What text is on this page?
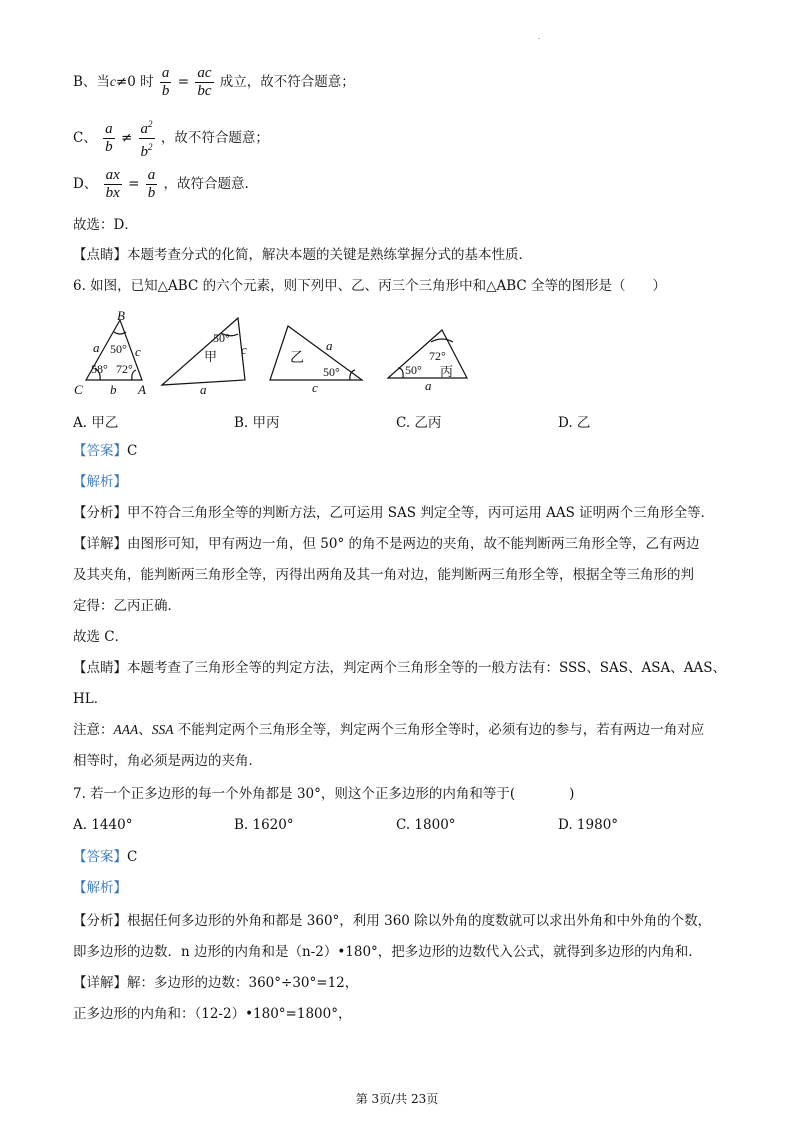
.
B、当c≠0 时 $\frac{a}{b} = \frac{ac}{bc}$ 成立，故不符合题意；
C、 $\frac{a}{b} \ne \frac{a^2}{b^2}$ ，故不符合题意；
D、 $\frac{ax}{bx} = \frac{a}{b}$ ，故符合题意.
故选：D．
【点睛】本题考查分式的化简，解决本题的关键是熟练掌握分式的基本性质．
6. 如图，已知△ABC 的六个元素，则下列甲、乙、丙三个三角形中和△ABC 全等的图形是（　　）
B
C	A
a
b
c	c
a
a
c	a
50°
58° 72°
50°
甲
50°
乙	72°
50° 丙
A. 甲乙	B. 甲丙	C. 乙丙	D. 乙
【答案】C
【解析】
【分析】甲不符合三角形全等的判断方法，乙可运用 SAS 判定全等，丙可运用 AAS 证明两个三角形全等．
【详解】由图形可知，甲有两边一角，但 50° 的角不是两边的夹角，故不能判断两三角形全等，乙有两边
及其夹角，能判断两三角形全等，丙得出两角及其一角对边，能判断两三角形全等，根据全等三角形的判
定得：乙丙正确．
故选 C．
【点睛】本题考查了三角形全等的判定方法，判定两个三角形全等的一般方法有：SSS、SAS、ASA、AAS、
HL．
注意：AAA、SSA 不能判定两个三角形全等，判定两个三角形全等时，必须有边的参与，若有两边一角对应
相等时，角必须是两边的夹角．
7. 若一个正多边形的每一个外角都是 30°，则这个正多边形的内角和等于(　　　　)
A. 1440°	B. 1620°	C. 1800°	D. 1980°
【答案】C
【解析】
【分析】根据任何多边形的外角和都是 360°，利用 360 除以外角的度数就可以求出外角和中外角的个数，
即多边形的边数．n 边形的内角和是（n-2）•180°，把多边形的边数代入公式，就得到多边形的内角和．
【详解】解：多边形的边数：360°÷30°=12，
正多边形的内角和：（12-2）•180°=1800°，
第 3页/共 23页
